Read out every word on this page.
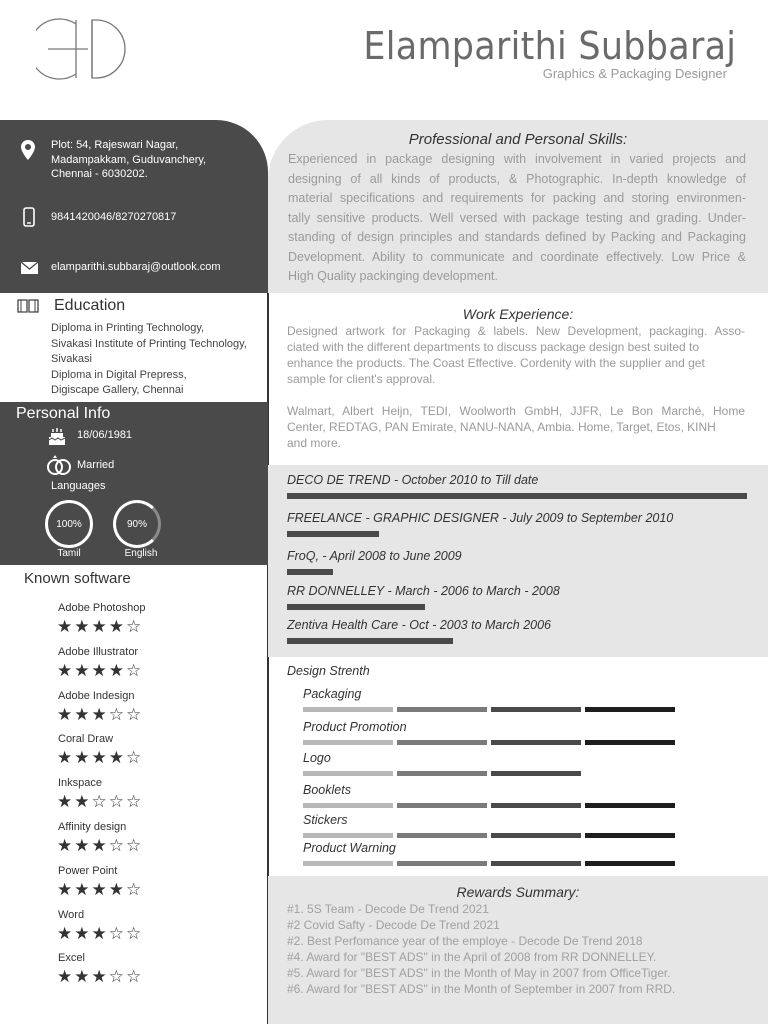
Elamparithi Subbaraj
Graphics & Packaging Designer
Plot: 54, Rajeswari Nagar,
Madampakkam, Guduvanchery,
Chennai - 6030202.
9841420046/8270270817
elamparithi.subbaraj@outlook.com
Professional and Personal Skills:
Experienced in package designing with involvement in varied projects and
designing of all kinds of products, & Photographic. In-depth knowledge of
material specifications and requirements for packing and storing environmen-
tally sensitive products. Well versed with package testing and grading. Under-
standing of design principles and standards defined by Packing and Packaging
Development. Ability to communicate and coordinate effectively. Low Price &
High Quality packinging development.
Education
Diploma in Printing Technology,
Sivakasi Institute of Printing Technology,
Sivakasi
Diploma in Digital Prepress,
Digiscape Gallery, Chennai
Personal Info
18/06/1981
Married
Languages
100%
Tamil
90%
English
Known software
Adobe Photoshop
★★★★☆
Adobe Illustrator
★★★★☆
Adobe Indesign
★★★☆☆
Coral Draw
★★★★☆
Inkspace
★★☆☆☆
Affinity design
★★★☆☆
Power Point
★★★★☆
Word
★★★☆☆
Excel
★★★☆☆
Work Experience:
Designed artwork for Packaging & labels. New Development, packaging. Asso-
ciated with the different departments to discuss package design best suited to
enhance the products. The Coast Effective. Cordenity with the supplier and get
sample for client's approval.
Walmart, Albert Heijn, TEDI, Woolworth GmbH, JJFR, Le Bon Marché, Home
Center, REDTAG, PAN Emirate, NANU-NANA, Ambia. Home, Target, Etos, KINH
and more.
DECO DE TREND - October 2010 to Till date
FREELANCE - GRAPHIC DESIGNER - July 2009 to September 2010
FroQ, - April 2008 to June 2009
RR DONNELLEY - March - 2006 to March - 2008
Zentiva Health Care - Oct - 2003 to March 2006
Design Strenth
Packaging
Product Promotion
Logo
Booklets
Stickers
Product Warning
Rewards Summary:
#1. 5S Team - Decode De Trend 2021
#2 Covid Safty - Decode De Trend 2021
#2. Best Perfomance year of the employe - Decode De Trend 2018
#4. Award for "BEST ADS" in the April of 2008 from RR DONNELLEY.
#5. Award for "BEST ADS" in the Month of May in 2007 from OfficeTiger.
#6. Award for "BEST ADS" in the Month of September in 2007 from RRD.
